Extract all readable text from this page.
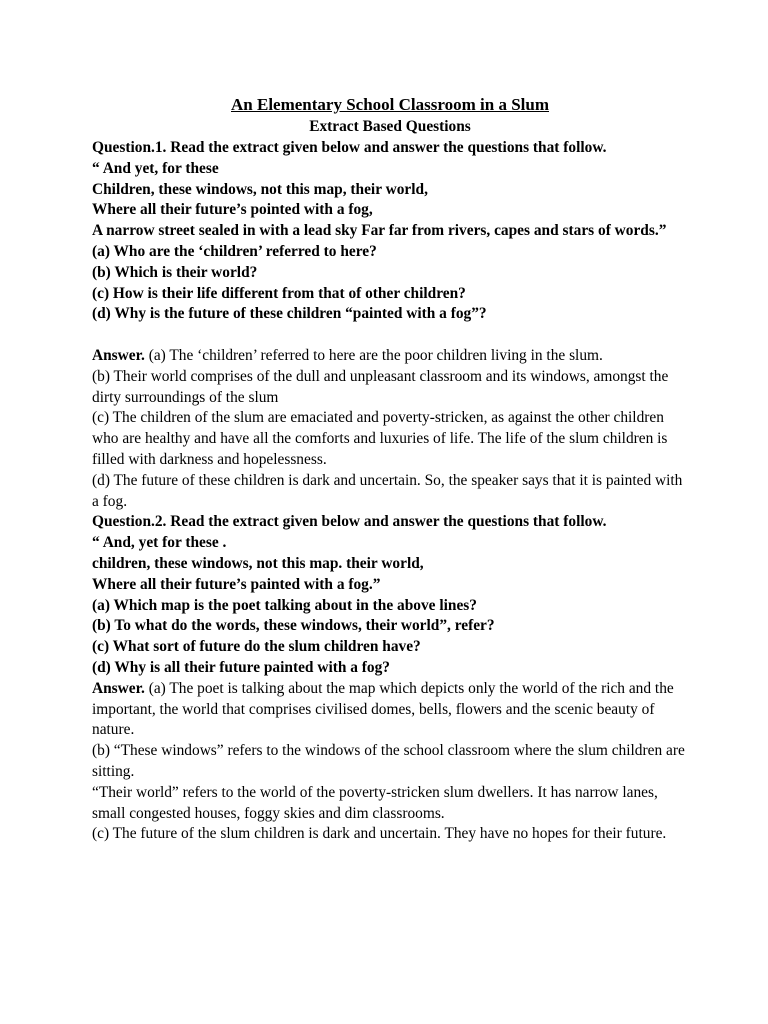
An Elementary School Classroom in a Slum

Extract Based Questions

Question.1. Read the extract given below and answer the questions that follow.

“ And yet, for these

Children, these windows, not this map, their world,

Where all their future’s pointed with a fog,

A narrow street sealed in with a lead sky Far far from rivers, capes and stars of words.”

(a) Who are the ‘children’ referred to here?

(b) Which is their world?

(c) How is their life different from that of other children?

(d) Why is the future of these children “painted with a fog”?

Answer. (a) The ‘children’ referred to here are the poor children living in the slum.

(b) Their world comprises of the dull and unpleasant classroom and its windows, amongst the dirty surroundings of the slum

(c) The children of the slum are emaciated and poverty-stricken, as against the other children who are healthy and have all the comforts and luxuries of life. The life of the slum children is filled with darkness and hopelessness.

(d) The future of these children is dark and uncertain. So, the speaker says that it is painted with a fog.

Question.2. Read the extract given below and answer the questions that follow.

“ And, yet for these .

children, these windows, not this map. their world,

Where all their future’s painted with a fog.”

(a) Which map is the poet talking about in the above lines?

(b) To what do the words, these windows, their world”, refer?

(c) What sort of future do the slum children have?

(d) Why is all their future painted with a fog?

Answer. (a) The poet is talking about the map which depicts only the world of the rich and the important, the world that comprises civilised domes, bells, flowers and the scenic beauty of nature.

(b) “These windows” refers to the windows of the school classroom where the slum children are sitting.

“Their world” refers to the world of the poverty-stricken slum dwellers. It has narrow lanes, small congested houses, foggy skies and dim classrooms.

(c) The future of the slum children is dark and uncertain. They have no hopes for their future.
